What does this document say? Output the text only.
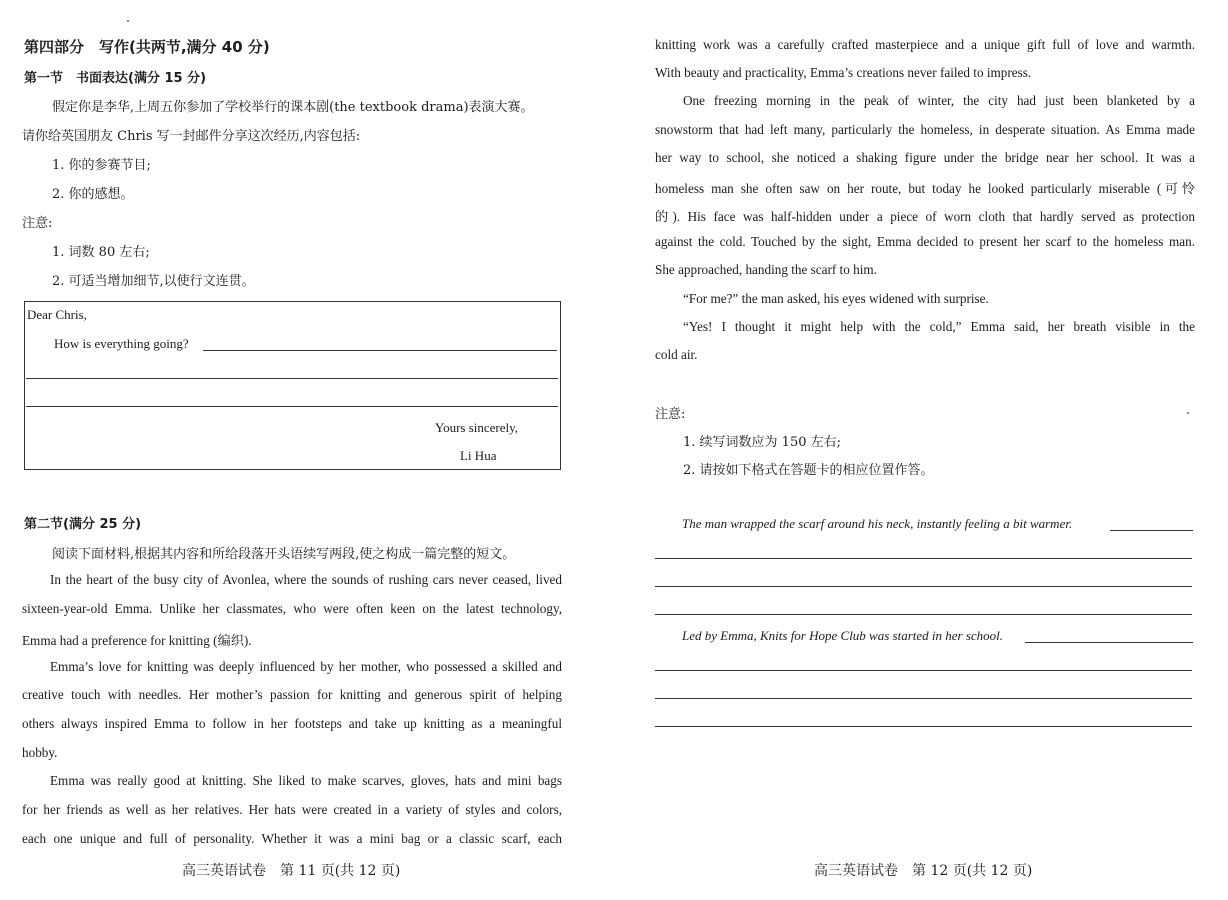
第四部分　写作(共两节,满分 40 分)
第一节　书面表达(满分 15 分)
假定你是李华,上周五你参加了学校举行的课本剧(the textbook drama)表演大赛。
请你给英国朋友 Chris 写一封邮件分享这次经历,内容包括:
1. 你的参赛节目;
2. 你的感想。
注意:
1. 词数 80 左右;
2. 可适当增加细节,以使行文连贯。
Dear Chris,
How is everything going?
Yours sincerely,
Li Hua
第二节(满分 25 分)
阅读下面材料,根据其内容和所给段落开头语续写两段,使之构成一篇完整的短文。
In the heart of the busy city of Avonlea, where the sounds of rushing cars never ceased, lived
sixteen-year-old Emma. Unlike her classmates, who were often keen on the latest technology,
Emma had a preference for knitting (编织).
Emma’s love for knitting was deeply influenced by her mother, who possessed a skilled and
creative touch with needles. Her mother’s passion for knitting and generous spirit of helping
others always inspired Emma to follow in her footsteps and take up knitting as a meaningful
hobby.
Emma was really good at knitting. She liked to make scarves, gloves, hats and mini bags
for her friends as well as her relatives. Her hats were created in a variety of styles and colors,
each one unique and full of personality. Whether it was a mini bag or a classic scarf, each
高三英语试卷　第 11 页(共 12 页)
knitting work was a carefully crafted masterpiece and a unique gift full of love and warmth.
With beauty and practicality, Emma’s creations never failed to impress.
One freezing morning in the peak of winter, the city had just been blanketed by a
snowstorm that had left many, particularly the homeless, in desperate situation. As Emma made
her way to school, she noticed a shaking figure under the bridge near her school. It was a
homeless man she often saw on her route, but today he looked particularly miserable (可怜
的). His face was half-hidden under a piece of worn cloth that hardly served as protection
against the cold. Touched by the sight, Emma decided to present her scarf to the homeless man.
She approached, handing the scarf to him.
“For me?” the man asked, his eyes widened with surprise.
“Yes! I thought it might help with the cold,” Emma said, her breath visible in the
cold air.
注意:
1. 续写词数应为 150 左右;
2. 请按如下格式在答题卡的相应位置作答。
The man wrapped the scarf around his neck, instantly feeling a bit warmer.
Led by Emma, Knits for Hope Club was started in her school.
高三英语试卷　第 12 页(共 12 页)
